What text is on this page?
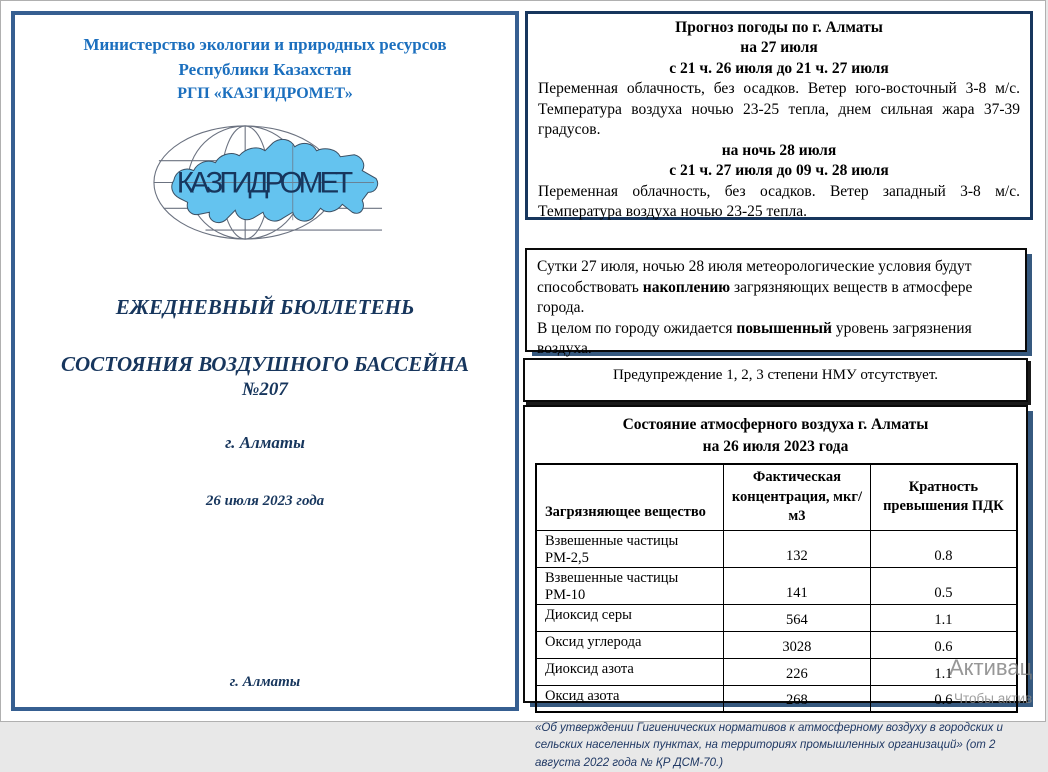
Министерство экологии и природных ресурсов
Республики Казахстан
РГП «КАЗГИДРОМЕТ»
КАЗГИДРОМЕТ
ЕЖЕДНЕВНЫЙ БЮЛЛЕТЕНЬ
СОСТОЯНИЯ ВОЗДУШНОГО БАССЕЙНА
№207
г. Алматы
26 июля 2023 года
г. Алматы
Прогноз погоды по г. Алматы
на 27 июля
с 21 ч. 26 июля до 21 ч. 27 июля

Переменная облачность, без осадков. Ветер юго-восточный 3-8 м/с. Температура воздуха ночью 23-25 тепла, днем сильная жара 37-39 градусов.

на ночь 28 июля
с 21 ч. 27 июля до 09 ч. 28 июля

Переменная облачность, без осадков. Ветер западный 3-8 м/с. Температура воздуха ночью 23-25 тепла.

Сутки 27 июля, ночью 28 июля метеорологические условия будут способствовать накоплению загрязняющих веществ в атмосфере города.

В целом по городу ожидается повышенный уровень загрязнения воздуха.

Предупреждение 1, 2, 3 степени НМУ отсутствует.
Состояние атмосферного воздуха г. Алматы
на 26 июля 2023 года
Загрязняющее вещество	Фактическая концентрация, мкг/м3	Кратность превышения ПДК
Взвешенные частицы РМ-2,5	132	0.8
Взвешенные частицы РМ-10	141	0.5
Диоксид серы	564	1.1
Оксид углерода	3028	0.6
Диоксид азота	226	1.1
Оксид азота	268	0.6
«Об утверждении Гигиенических нормативов к атмосферному воздуху в городских и сельских населенных пунктах, на территориях промышленных организаций» (от 2 августа 2022 года № ҚР ДСМ-70.)
Активац
Чтобы актив
